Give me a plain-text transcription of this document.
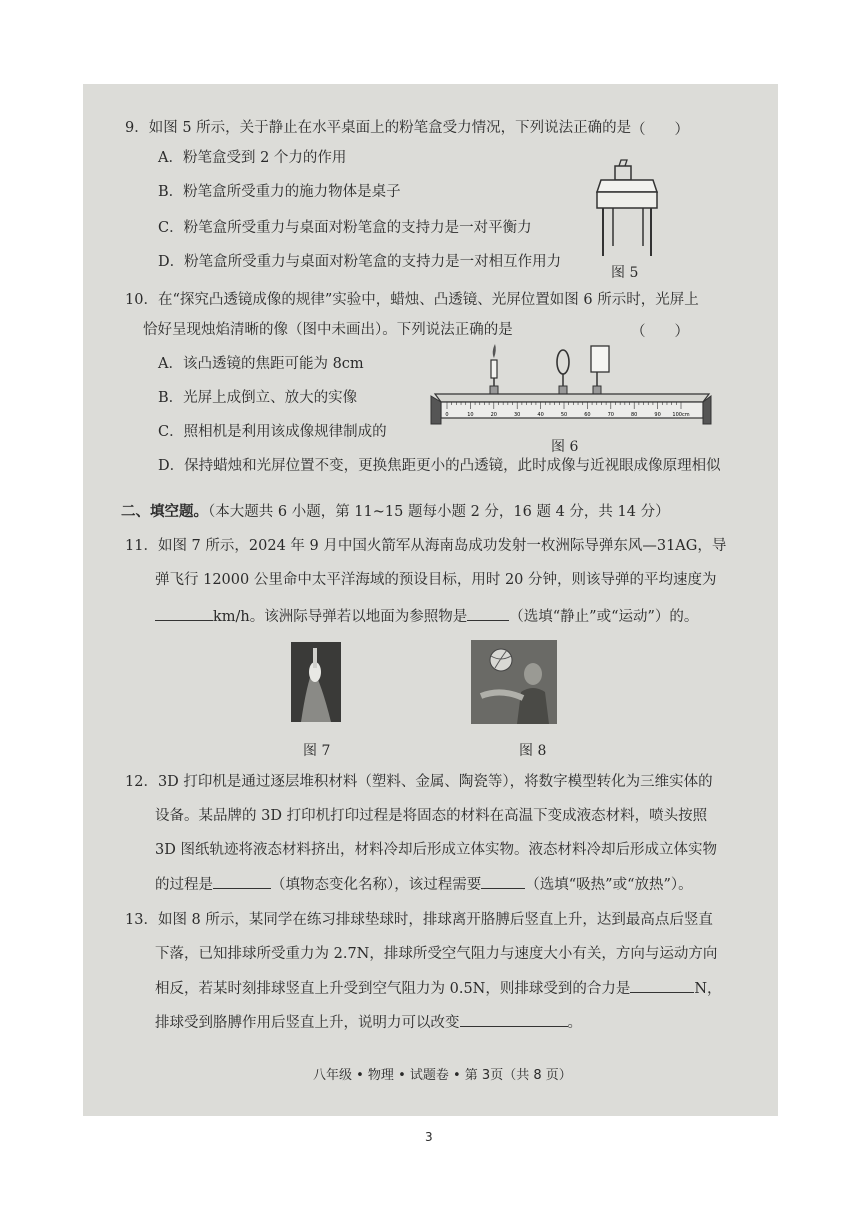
9．如图 5 所示，关于静止在水平桌面上的粉笔盒受力情况，下列说法正确的是 （　　）
A．粉笔盒受到 2 个力的作用
B．粉笔盒所受重力的施力物体是桌子
C．粉笔盒所受重力与桌面对粉笔盒的支持力是一对平衡力
D．粉笔盒所受重力与桌面对粉笔盒的支持力是一对相互作用力
图 5
10．在“探究凸透镜成像的规律”实验中，蜡烛、凸透镜、光屏位置如图 6 所示时，光屏上
恰好呈现烛焰清晰的像（图中未画出）。下列说法正确的是	（　　）
A．该凸透镜的焦距可能为 8cm
B．光屏上成倒立、放大的实像
C．照相机是利用该成像规律制成的
D．保持蜡烛和光屏位置不变，更换焦距更小的凸透镜，此时成像与近视眼成像原理相似
0	10	20	30	40	50	60	70	80	90 100cm
图 6
二、填空题。（本大题共 6 小题，第 11~15 题每小题 2 分，16 题 4 分，共 14 分）
11．如图 7 所示，2024 年 9 月中国火箭军从海南岛成功发射一枚洲际导弹东风—31AG，导
弹飞行 12000 公里命中太平洋海域的预设目标，用时 20 分钟，则该导弹的平均速度为
km/h。该洲际导弹若以地面为参照物是	（选填“静止”或“运动”）的。
图 7	图 8
12．3D 打印机是通过逐层堆积材料（塑料、金属、陶瓷等），将数字模型转化为三维实体的
设备。某品牌的 3D 打印机打印过程是将固态的材料在高温下变成液态材料，喷头按照
3D 图纸轨迹将液态材料挤出，材料冷却后形成立体实物。液态材料冷却后形成立体实物
的过程是	（填物态变化名称），该过程需要	（选填“吸热”或“放热”）。
13．如图 8 所示，某同学在练习排球垫球时，排球离开胳膊后竖直上升，达到最高点后竖直
下落，已知排球所受重力为 2.7N，排球所受空气阻力与速度大小有关，方向与运动方向
相反，若某时刻排球竖直上升受到空气阻力为 0.5N，则排球受到的合力是	N，
排球受到胳膊作用后竖直上升，说明力可以改变	。
八年级 • 物理 • 试题卷 • 第 3页（共 8 页）
3
